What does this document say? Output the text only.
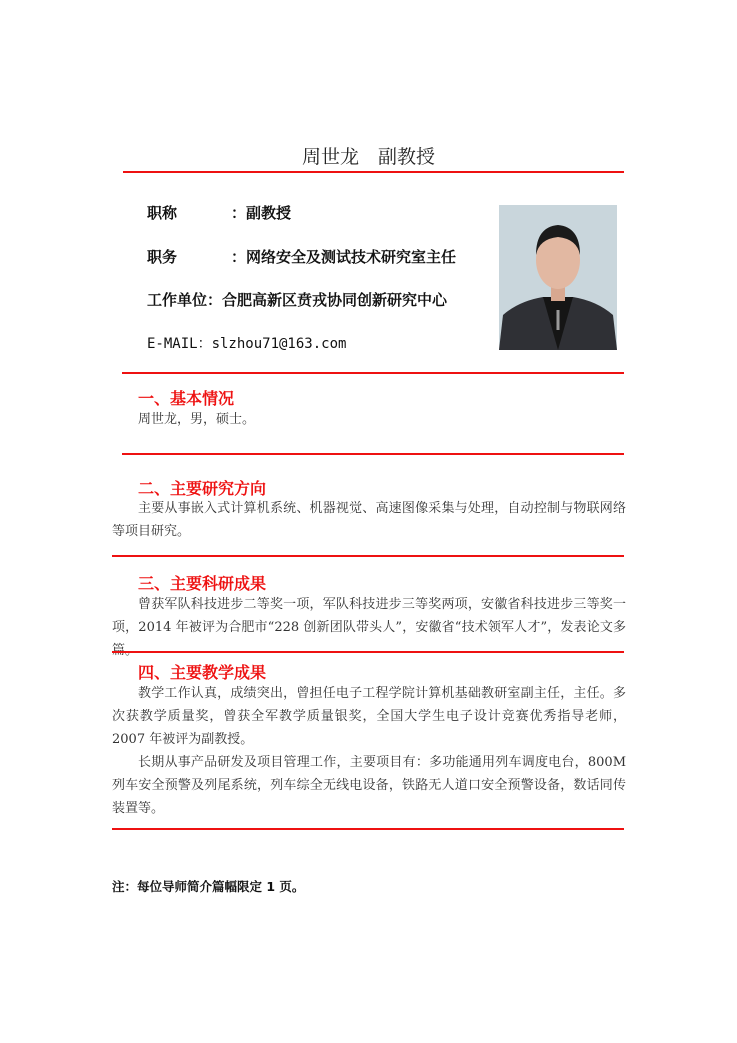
周世龙　副教授
职称	：副教授
职务	：网络安全及测试技术研究室主任
工作单位：合肥高新区贲戎协同创新研究中心
E-MAIL：slzhou71@163.com
一、基本情况
周世龙，男，硕士。
二、主要研究方向
主要从事嵌入式计算机系统、机器视觉、高速图像采集与处理，自动控制与物联网络等项目研究。
三、主要科研成果
曾获军队科技进步二等奖一项，军队科技进步三等奖两项，安徽省科技进步三等奖一项，2014 年被评为合肥市“228 创新团队带头人”，安徽省“技术领军人才”，发表论文多
四、主要教学成果
教学工作认真，成绩突出，曾担任电子工程学院计算机基础教研室副主任，主任。多次获教学质量奖，曾获全军教学质量银奖，全国大学生电子设计竞赛优秀指导老师，2007 年被评为副教授。
长期从事产品研发及项目管理工作，主要项目有：多功能通用列车调度电台，800M 列车安全预警及列尾系统，列车综全无线电设备，铁路无人道口安全预警设备，数话同传装置等。
注：每位导师简介篇幅限定 1 页。
